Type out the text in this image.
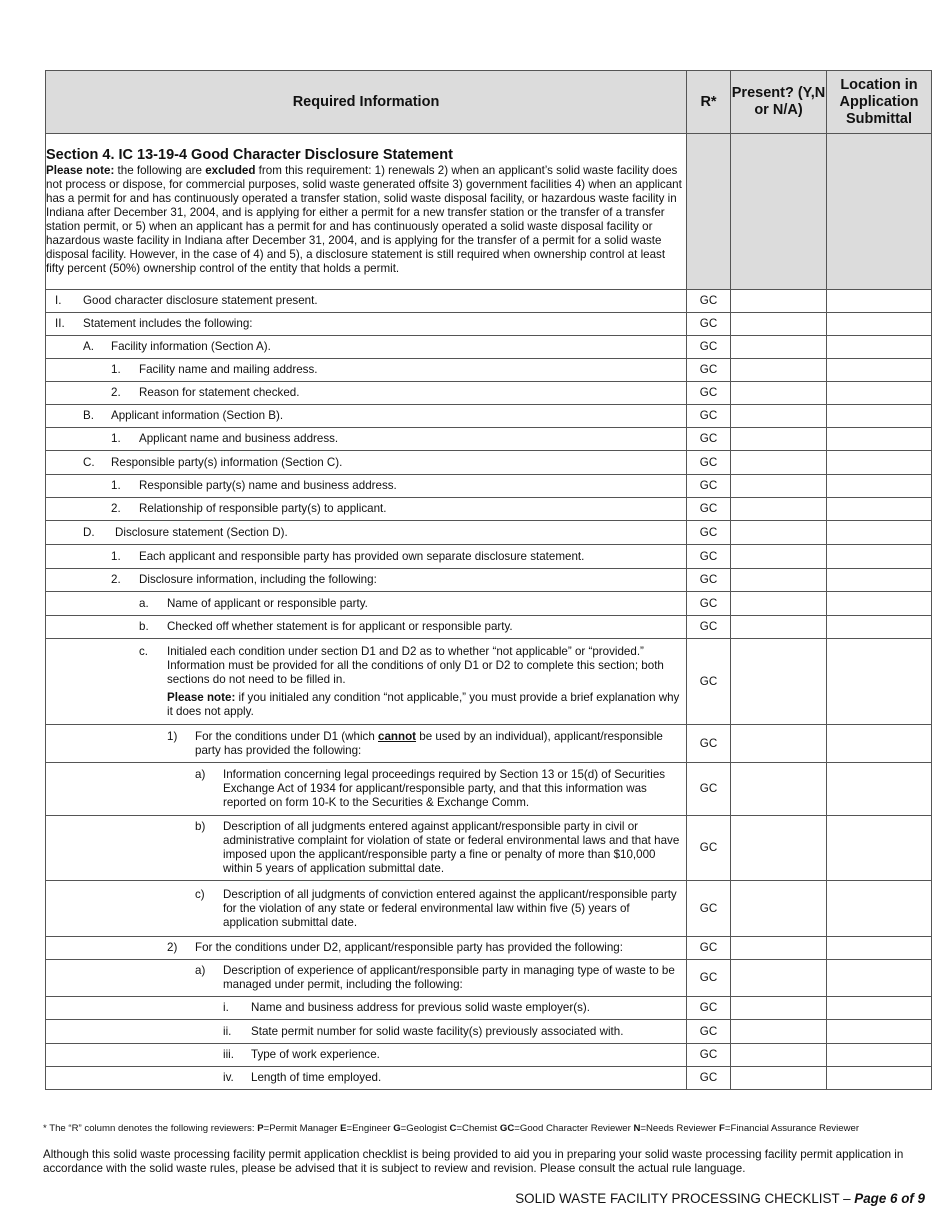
Required Information	R*	Present? (Y,N or N/A)	Location in Application Submittal

Section 4. IC 13-19-4 Good Character Disclosure Statement
Please note: the following are excluded from this requirement: 1) renewals 2) when an applicant’s solid waste facility does not process or dispose, for commercial purposes, solid waste generated offsite 3) government facilities 4) when an applicant has a permit for and has continuously operated a transfer station, solid waste disposal facility, or hazardous waste facility in Indiana after December 31, 2004, and is applying for either a permit for a new transfer station or the transfer of a transfer station permit, or 5) when an applicant has a permit for and has continuously operated a solid waste disposal facility or hazardous waste facility in Indiana after December 31, 2004, and is applying for the transfer of a permit for a solid waste disposal facility. However, in the case of 4) and 5), a disclosure statement is still required when ownership control at least fifty percent (50%) ownership control of the entity that holds a permit.			

I. Good character disclosure statement present.	GC		

II. Statement includes the following:	GC		

A. Facility information (Section A).	GC		

1. Facility name and mailing address.	GC		

2. Reason for statement checked.	GC		

B. Applicant information (Section B).	GC		

1. Applicant name and business address.	GC		

C. Responsible party(s) information (Section C).	GC		

1. Responsible party(s) name and business address.	GC		

2. Relationship of responsible party(s) to applicant.	GC		

D. Disclosure statement (Section D).	GC		

1. Each applicant and responsible party has provided own separate disclosure statement.	GC		

2. Disclosure information, including the following:	GC		

a. Name of applicant or responsible party.	GC		

b. Checked off whether statement is for applicant or responsible party.	GC		

c. Initialed each condition under section D1 and D2 as to whether “not applicable” or “provided.” Information must be provided for all the conditions of only D1 or D2 to complete this section; both sections do not need to be filled in.
Please note: if you initialed any condition “not applicable,” you must provide a brief explanation why it does not apply.	GC		

1) For the conditions under D1 (which cannot be used by an individual), applicant/responsible party has provided the following:	GC		

a) Information concerning legal proceedings required by Section 13 or 15(d) of Securities Exchange Act of 1934 for applicant/responsible party, and that this information was reported on form 10-K to the Securities & Exchange Comm.	GC		

b) Description of all judgments entered against applicant/responsible party in civil or administrative complaint for violation of state or federal environmental laws and that have imposed upon the applicant/responsible party a fine or penalty of more than $10,000 within 5 years of application submittal date.	GC		

c) Description of all judgments of conviction entered against the applicant/responsible party for the violation of any state or federal environmental law within five (5) years of application submittal date.	GC		

2) For the conditions under D2, applicant/responsible party has provided the following:	GC		

a) Description of experience of applicant/responsible party in managing type of waste to be managed under permit, including the following:	GC		

i. Name and business address for previous solid waste employer(s).	GC		

ii. State permit number for solid waste facility(s) previously associated with.	GC		

iii. Type of work experience.	GC		

iv. Length of time employed.	GC		
* The “R” column denotes the following reviewers: P=Permit Manager E=Engineer G=Geologist C=Chemist GC=Good Character Reviewer N=Needs Reviewer F=Financial Assurance Reviewer
Although this solid waste processing facility permit application checklist is being provided to aid you in preparing your solid waste processing facility permit application in accordance with the solid waste rules, please be advised that it is subject to review and revision. Please consult the actual rule language.
SOLID WASTE FACILITY PROCESSING CHECKLIST – Page 6 of 9
